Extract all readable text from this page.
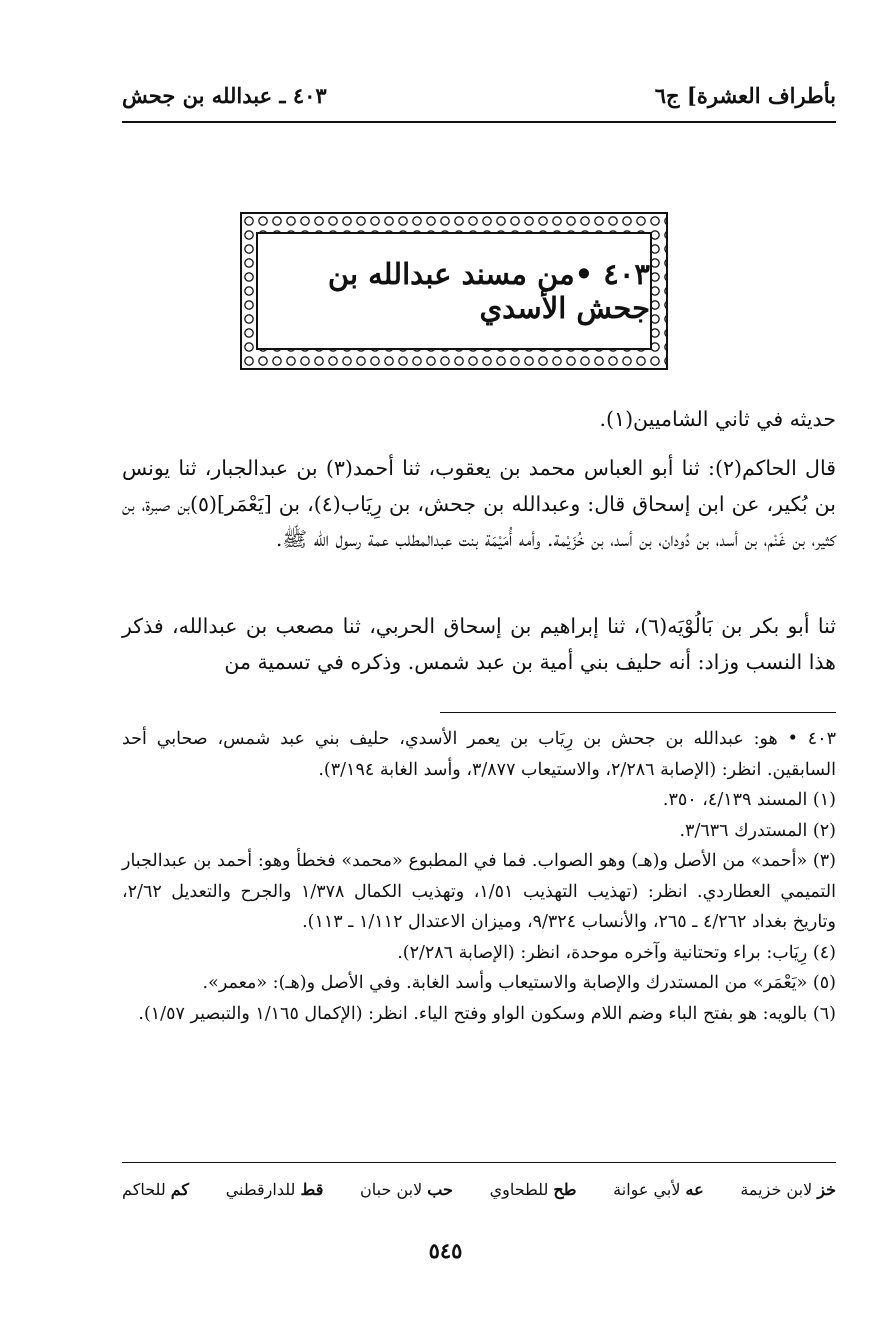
بأطراف العشرة] ج٦
٤٠٣ ـ عبدالله بن جحش
٤٠٣ •من مسند عبدالله بن جحش الأسدي

حديثه في ثاني الشاميين(١).

قال الحاكم(٢): ثنا أبو العباس محمد بن يعقوب، ثنا أحمد(٣) بن عبدالجبار، ثنا يونس بن بُكير، عن ابن إسحاق قال: وعبدالله بن جحش، بن رِيَاب(٤)، بن [يَعْمَر](٥)بن صبرة، بن كثير، بن غَنْم، بن أسد، بن دُودان، بن أسد، بن خُزَيْمة. وأمه أُمَيْمَة بنت عبدالمطلب عمة رسول الله ﷺ.

ثنا أبو بكر بن بَالُوْيَه(٦)، ثنا إبراهيم بن إسحاق الحربي، ثنا مصعب بن عبدالله، فذكر هذا النسب وزاد: أنه حليف بني أمية بن عبد شمس. وذكره في تسمية من

٤٠٣ • هو: عبدالله بن جحش بن رِيَاب بن يعمر الأسدي، حليف بني عبد شمس، صحابي أحد السابقين. انظر: (الإصابة ٢/٢٨٦، والاستيعاب ٣/٨٧٧، وأسد الغابة ٣/١٩٤).

(١) المسند ٤/١٣٩، ٣٥٠.

(٢) المستدرك ٣/٦٣٦.

(٣) «أحمد» من الأصل و(هـ) وهو الصواب. فما في المطبوع «محمد» فخطأ وهو: أحمد بن عبدالجبار التميمي العطاردي. انظر: (تهذيب التهذيب ١/٥١، وتهذيب الكمال ١/٣٧٨ والجرح والتعديل ٢/٦٢، وتاريخ بغداد ٤/٢٦٢ ـ ٢٦٥، والأنساب ٩/٣٢٤، وميزان الاعتدال ١/١١٢ ـ ١١٣).

(٤) رِيَاب: براء وتحتانية وآخره موحدة، انظر: (الإصابة ٢/٢٨٦).

(٥) «يَعْمَر» من المستدرك والإصابة والاستيعاب وأسد الغابة. وفي الأصل و(هـ): «معمر».

(٦) بالويه: هو بفتح الباء وضم اللام وسكون الواو وفتح الياء. انظر: (الإكمال ١/١٦٥ والتبصير ١/٥٧).

خز لابن خزيمة
عه لأبي عوانة
طح للطحاوي
حب لابن حبان
قط للدارقطني
كم للحاكم
٥٤٥
